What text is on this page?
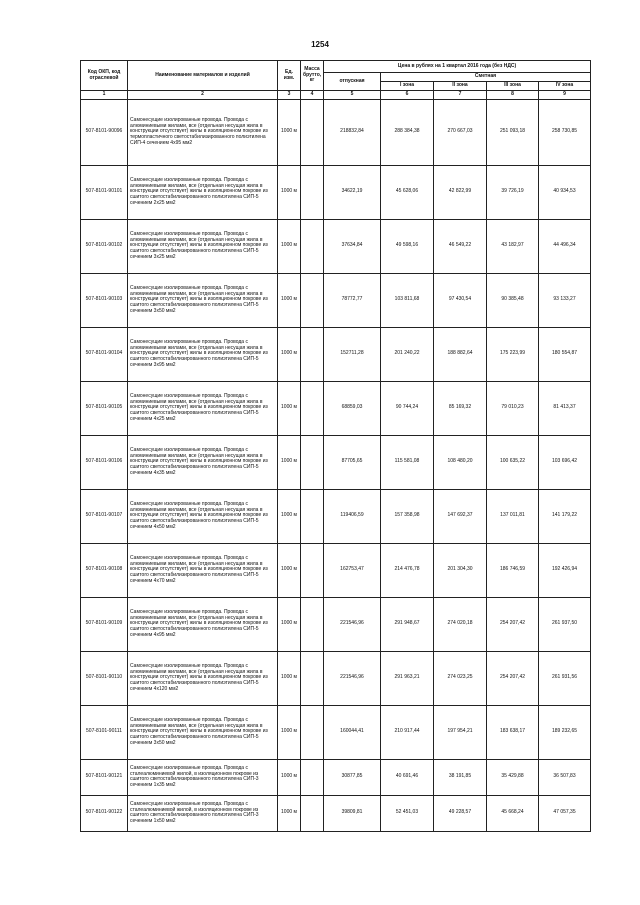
1254
Код ОКП, код отраслевой	Наименование материалов и изделий	Ед. изм.	Масса брутто, кг	Цена в рублях на 1 квартал 2016 года (без НДС)				
				отпускная	Сметная			
					I зона	II зона	III зона	IV зона
1	2	3	4	5	6	7	8	9
507-8101-90096	Самонесущие изолированные провода. Провода с алюминиевыми жилами, все (отдельная несущая жила в конструкции отсутствует) жилы в изоляционном покрове из термопластичного светостабилизированного полиэтилена СИП-4 сечением 4х95 мм2	1000 м		218832,84	288 384,38	270 667,03	251 093,18	258 730,85
507-8101-90101	Самонесущие изолированные провода. Провода с алюминиевыми жилами, все (отдельная несущая жила в конструкции отсутствует) жилы в изоляционном покрове из сшитого светостабилизированного полиэтилена СИП-5 сечением 2х25 мм2	1000 м		34622,19	45 628,06	42 822,99	39 726,19	40 934,53
507-8101-90102	Самонесущие изолированные провода. Провода с алюминиевыми жилами, все (отдельная несущая жила в конструкции отсутствует) жилы в изоляционном покрове из сшитого светостабилизированного полиэтилена СИП-5 сечением 3х25 мм2	1000 м		37634,84	49 598,16	46 549,22	43 182,97	44 496,34
507-8101-90103	Самонесущие изолированные провода. Провода с алюминиевыми жилами, все (отдельная несущая жила в конструкции отсутствует) жилы в изоляционном покрове из сшитого светостабилизированного полиэтилена СИП-5 сечением 3х50 мм2	1000 м		78772,77	103 811,68	97 430,54	90 385,48	93 133,27
507-8101-90104	Самонесущие изолированные провода. Провода с алюминиевыми жилами, все (отдельная несущая жила в конструкции отсутствует) жилы в изоляционном покрове из сшитого светостабилизированного полиэтилена СИП-5 сечением 3х95 мм2	1000 м		152711,28	201 240,22	188 882,64	175 223,99	180 554,87
507-8101-90105	Самонесущие изолированные провода. Провода с алюминиевыми жилами, все (отдельная несущая жила в конструкции отсутствует) жилы в изоляционном покрове из сшитого светостабилизированного полиэтилена СИП-5 сечением 4х25 мм2	1000 м		68859,03	90 744,24	85 169,32	79 010,23	81 413,37
507-8101-90106	Самонесущие изолированные провода. Провода с алюминиевыми жилами, все (отдельная несущая жила в конструкции отсутствует) жилы в изоляционном покрове из сшитого светостабилизированного полиэтилена СИП-5 сечением 4х35 мм2	1000 м		87705,65	115 581,08	108 480,20	100 635,22	103 696,42
507-8101-90107	Самонесущие изолированные провода. Провода с алюминиевыми жилами, все (отдельная несущая жила в конструкции отсутствует) жилы в изоляционном покрове из сшитого светостабилизированного полиэтилена СИП-5 сечением 4х50 мм2	1000 м		119406,59	157 358,98	147 692,37	137 011,81	141 179,22
507-8101-90108	Самонесущие изолированные провода. Провода с алюминиевыми жилами, все (отдельная несущая жила в конструкции отсутствует) жилы в изоляционном покрове из сшитого светостабилизированного полиэтилена СИП-5 сечением 4х70 мм2	1000 м		162753,47	214 476,78	201 304,30	186 746,59	192 426,94
507-8101-90109	Самонесущие изолированные провода. Провода с алюминиевыми жилами, все (отдельная несущая жила в конструкции отсутствует) жилы в изоляционном покрове из сшитого светостабилизированного полиэтилена СИП-5 сечением 4х95 мм2	1000 м		221546,96	291 948,67	274 020,18	254 207,42	261 937,50
507-8101-90110	Самонесущие изолированные провода. Провода с алюминиевыми жилами, все (отдельная несущая жила в конструкции отсутствует) жилы в изоляционном покрове из сшитого светостабилизированного полиэтилена СИП-5 сечением 4х120 мм2	1000 м		221546,96	291 963,21	274 023,25	254 207,42	261 931,56
507-8101-90111	Самонесущие изолированные провода. Провода с алюминиевыми жилами, все (отдельная несущая жила в конструкции отсутствует) жилы в изоляционном покрове из сшитого светостабилизированного полиэтилена СИП-5 сечением 3х50 мм2	1000 м		160044,41	210 917,44	197 954,21	183 638,17	189 232,65
507-8101-90121	Самонесущие изолированные провода. Провода с сталеалюминиевой жилой, в изоляционном покрове из сшитого светостабилизированного полиэтилена СИП-3 сечением 1х35 мм2	1000 м		30877,85	40 691,46	38 191,85	35 429,88	36 507,83
507-8101-90122	Самонесущие изолированные провода. Провода с сталеалюминиевой жилой, в изоляционном покрове из сшитого светостабилизированного полиэтилена СИП-3 сечением 1х50 мм2	1000 м		39809,81	52 451,03	49 228,57	45 668,24	47 057,35
